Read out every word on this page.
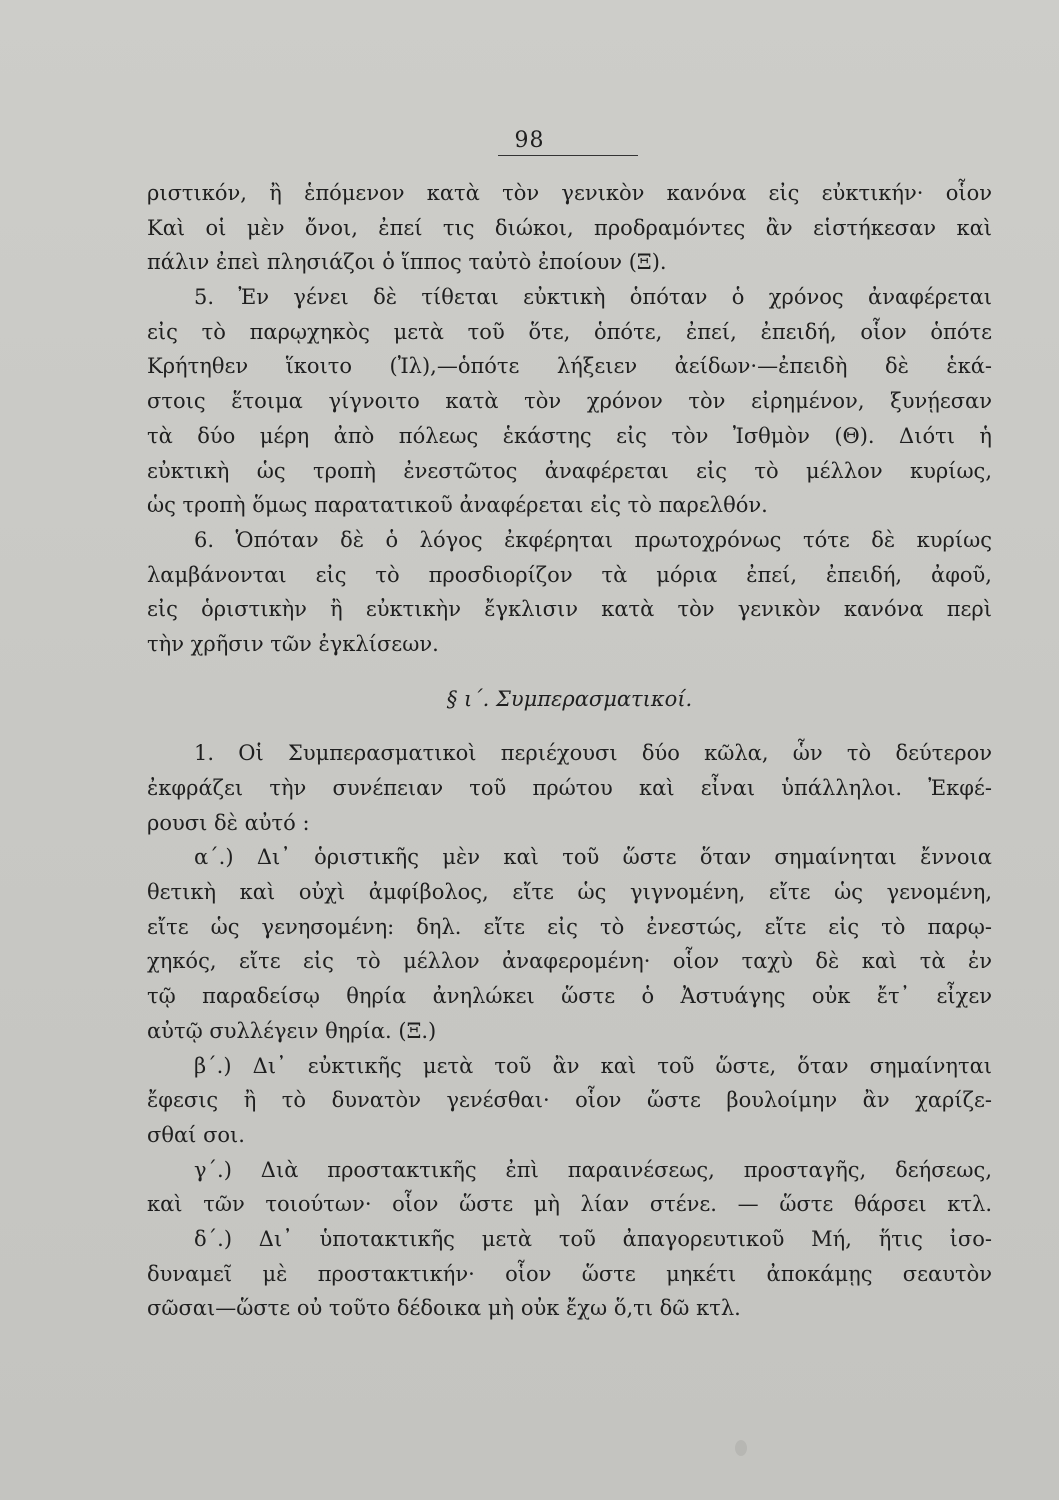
98
ριστικόν, ἢ ἑπόμενον κατὰ τὸν γενικὸν κανόνα εἰς εὐκτικήν· οἷον
Καὶ οἱ μὲν ὄνοι, ἐπεί τις διώκοι, προδραμόντες ἂν εἱστήκεσαν καὶ
πάλιν ἐπεὶ πλησιάζοι ὁ ἵππος ταὐτὸ ἐποίουν (Ξ).
5. Ἐν γένει δὲ τίθεται εὐκτικὴ ὁπόταν ὁ χρόνος ἀναφέρεται
εἰς τὸ παρῳχηκὸς μετὰ τοῦ ὅτε, ὁπότε, ἐπεί, ἐπειδή, οἷον ὁπότε
Κρήτηθεν ἵκοιτο (Ἰλ),—ὁπότε λήξειεν ἀείδων·—ἐπειδὴ δὲ ἑκά-
στοις ἕτοιμα γίγνοιτο κατὰ τὸν χρόνον τὸν εἰρημένον, ξυνῄεσαν
τὰ δύο μέρη ἀπὸ πόλεως ἑκάστης εἰς τὸν Ἰσθμὸν (Θ). Διότι ἡ
εὐκτικὴ ὡς τροπὴ ἐνεστῶτος ἀναφέρεται εἰς τὸ μέλλον κυρίως,
ὡς τροπὴ ὅμως παρατατικοῦ ἀναφέρεται εἰς τὸ παρελθόν.
6. Ὁπόταν δὲ ὁ λόγος ἐκφέρηται πρωτοχρόνως τότε δὲ κυρίως
λαμβάνονται εἰς τὸ προσδιορίζον τὰ μόρια ἐπεί, ἐπειδή, ἀφοῦ,
εἰς ὁριστικὴν ἢ εὐκτικὴν ἔγκλισιν κατὰ τὸν γενικὸν κανόνα περὶ
τὴν χρῆσιν τῶν ἐγκλίσεων.
§ ι΄. Συμπερασματικοί.
1. Οἱ Συμπερασματικοὶ περιέχουσι δύο κῶλα, ὧν τὸ δεύτερον
ἐκφράζει τὴν συνέπειαν τοῦ πρώτου καὶ εἶναι ὑπάλληλοι. Ἐκφέ-
ρουσι δὲ αὐτό :
α΄.) Δι᾽ ὁριστικῆς μὲν καὶ τοῦ ὥστε ὅταν σημαίνηται ἔννοια
θετικὴ καὶ οὐχὶ ἀμφίβολος, εἴτε ὡς γιγνομένη, εἴτε ὡς γενομένη,
εἴτε ὡς γενησομένη: δηλ. εἴτε εἰς τὸ ἐνεστώς, εἴτε εἰς τὸ παρῳ-
χηκός, εἴτε εἰς τὸ μέλλον ἀναφερομένη· οἷον ταχὺ δὲ καὶ τὰ ἐν
τῷ παραδείσῳ θηρία ἀνηλώκει ὥστε ὁ Ἀστυάγης οὐκ ἔτ᾽ εἶχεν
αὐτῷ συλλέγειν θηρία. (Ξ.)
β΄.) Δι᾽ εὐκτικῆς μετὰ τοῦ ἂν καὶ τοῦ ὥστε, ὅταν σημαίνηται
ἔφεσις ἢ τὸ δυνατὸν γενέσθαι· οἷον ὥστε βουλοίμην ἂν χαρίζε-
σθαί σοι.
γ΄.) Διὰ προστακτικῆς ἐπὶ παραινέσεως, προσταγῆς, δεήσεως,
καὶ τῶν τοιούτων· οἷον ὥστε μὴ λίαν στένε. — ὥστε θάρσει κτλ.
δ΄.) Δι᾽ ὑποτακτικῆς μετὰ τοῦ ἀπαγορευτικοῦ Μή, ἥτις ἰσο-
δυναμεῖ μὲ προστακτικήν· οἷον ὥστε μηκέτι ἀποκάμῃς σεαυτὸν
σῶσαι—ὥστε οὐ τοῦτο δέδοικα μὴ οὐκ ἔχω ὅ,τι δῶ κτλ.
